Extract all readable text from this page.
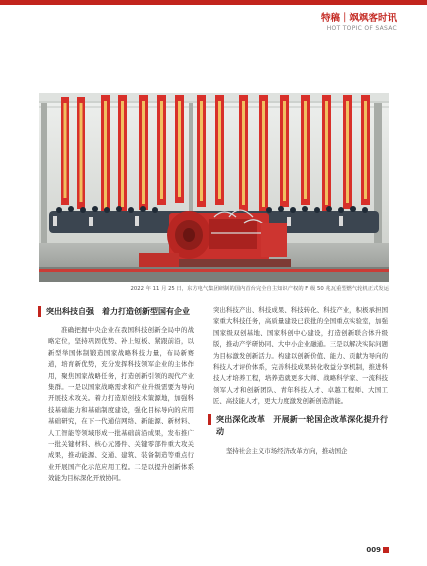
特稿｜飒飒客时讯
HOT TOPIC OF SASAC
2022 年 11 月 25 日，东方电气集团研制的国内首台完全自主知识产权的 F 级 50 兆瓦重型燃气轮机正式发运
突出科技自强　着力打造创新型国有企业

准确把握中央企业在我国科技创新全局中的战略定位，坚持巩固优势、补上短板、紧跟前沿，以新型举国体制锻造国家战略科技力量，布局新赛道，培育新优势，充分发挥科技领军企业的主体作用，聚焦国家战略任务，打造创新引领的现代产业集群。一是以国家战略需求和产业升级需要为导向开展技术攻关。着力打造原创技术策源地，加强科技基础能力和基础制度建设，强化目标导向的应用基础研究，在下一代通信网络、新能源、新材料、人工智能等领域形成一批基础前沿成果，发布推广一批关键材料、核心元器件、关键零部件重大攻关成果，推动能源、交通、建筑、装备制造等重点行业开展国产化示范应用工程。二是以提升创新体系效能为目标深化开放协同。

突出科技产出、科技成果、科技转化、科技产业，积极承担国家重大科技任务，高质量建设已获批的全国重点实验室，加强国家级双创基地、国家科创中心建设，打造创新联合体升级版，推动产学研协同、大中小企业融通。三是以解决实际问题为目标激发创新活力。构建以创新价值、能力、贡献为导向的科技人才评价体系，完善科技成果转化收益分享机制，推进科技人才培养工程，培养造就更多大师、战略科学家、一流科技领军人才和创新团队、青年科技人才、卓越工程师、大国工匠、高技能人才，更大力度激发创新创造潜能。

突出深化改革　开展新一轮国企改革深化提升行动

坚持社会主义市场经济改革方向，推动国企

009
